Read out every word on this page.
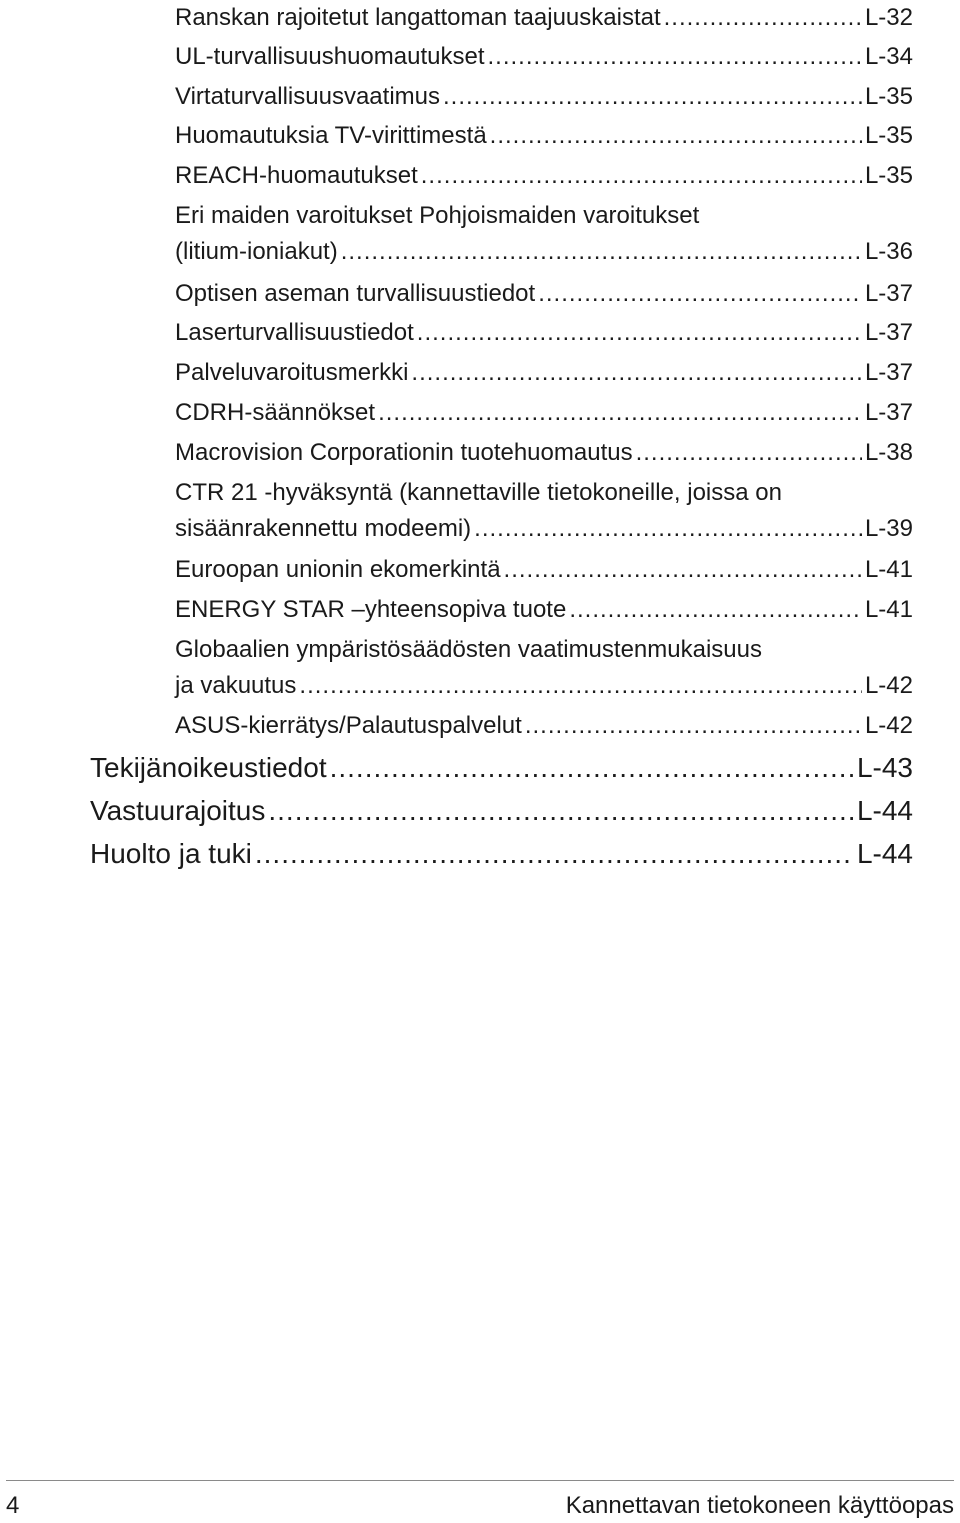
Ranskan rajoitetut langattoman taajuuskaistat .....	L-32
UL-turvallisuushuomautukset .....	L-34
Virtaturvallisuusvaatimus .....	L-35
Huomautuksia TV-virittimestä .....	L-35
REACH-huomautukset .....	L-35
Eri maiden varoitukset Pohjoismaiden varoitukset
(litium-ioniakut) .....	L-36
Optisen aseman turvallisuustiedot .....	L-37
Laserturvallisuustiedot .....	L-37
Palveluvaroitusmerkki .....	L-37
CDRH-säännökset .....	L-37
Macrovision Corporationin tuotehuomautus .....	L-38
CTR 21 -hyväksyntä (kannettaville tietokoneille, joissa on
sisäänrakennettu modeemi) .....	L-39
Euroopan unionin ekomerkintä .....	L-41
ENERGY STAR –yhteensopiva tuote .....	L-41
Globaalien ympäristösäädösten vaatimustenmukaisuus
ja vakuutus .....	L-42
ASUS-kierrätys/Palautuspalvelut .....	L-42
Tekijänoikeustiedot .....	L-43
Vastuurajoitus .....	L-44
Huolto ja tuki .....	L-44
4	Kannettavan tietokoneen käyttöopas
